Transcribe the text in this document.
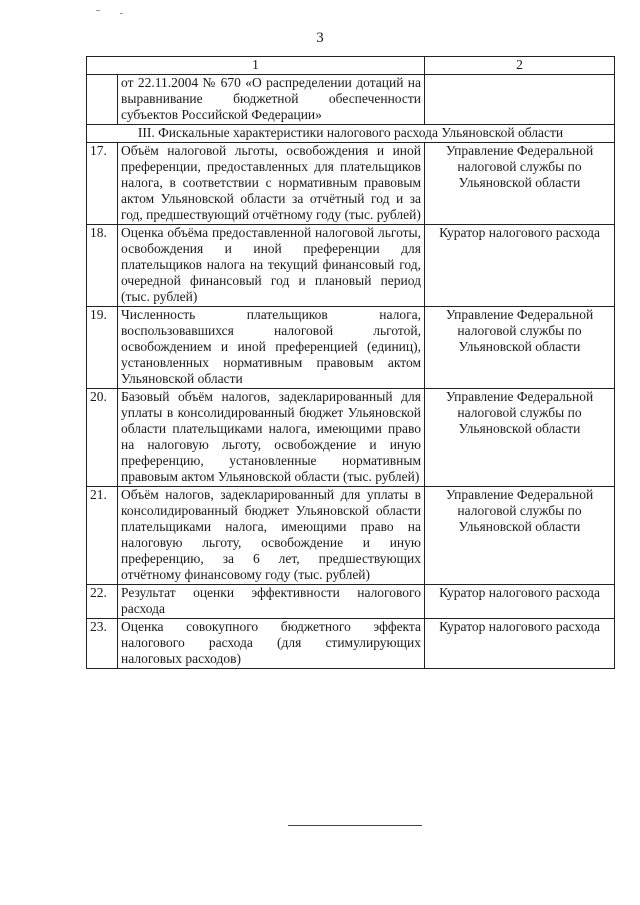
3
1		2
	от 22.11.2004 № 670 «О распределении дотаций на выравнивание бюджетной обеспеченности субъектов Российской Федерации»	
III. Фискальные характеристики налогового расхода Ульяновской области		
17.	Объём налоговой льготы, освобождения и иной преференции, предоставленных для плательщиков налога, в соответствии с нормативным правовым актом Ульяновской области за отчётный год и за год, предшествующий отчётному году (тыс. рублей)	Управление Федеральной налоговой службы по Ульяновской области
18.	Оценка объёма предоставленной налоговой льготы, освобождения и иной преференции для плательщиков налога на текущий финансовый год, очередной финансовый год и плановый период (тыс. рублей)	Куратор налогового расхода
19.	Численность плательщиков налога, воспользовавшихся налоговой льготой, освобождением и иной преференцией (единиц), установленных нормативным правовым актом Ульяновской области	Управление Федеральной налоговой службы по Ульяновской области
20.	Базовый объём налогов, задекларированный для уплаты в консолидированный бюджет Ульяновской области плательщиками налога, имеющими право на налоговую льготу, освобождение и иную преференцию, установленные нормативным правовым актом Ульяновской области (тыс. рублей)	Управление Федеральной налоговой службы по Ульяновской области
21.	Объём налогов, задекларированный для уплаты в консолидированный бюджет Ульяновской области плательщиками налога, имеющими право на налоговую льготу, освобождение и иную преференцию, за 6 лет, предшествующих отчётному финансовому году (тыс. рублей)	Управление Федеральной налоговой службы по Ульяновской области
22.	Результат оценки эффективности налогового расхода	Куратор налогового расхода
23.	Оценка совокупного бюджетного эффекта налогового расхода (для стимулирующих налоговых расходов)	Куратор налогового расхода
